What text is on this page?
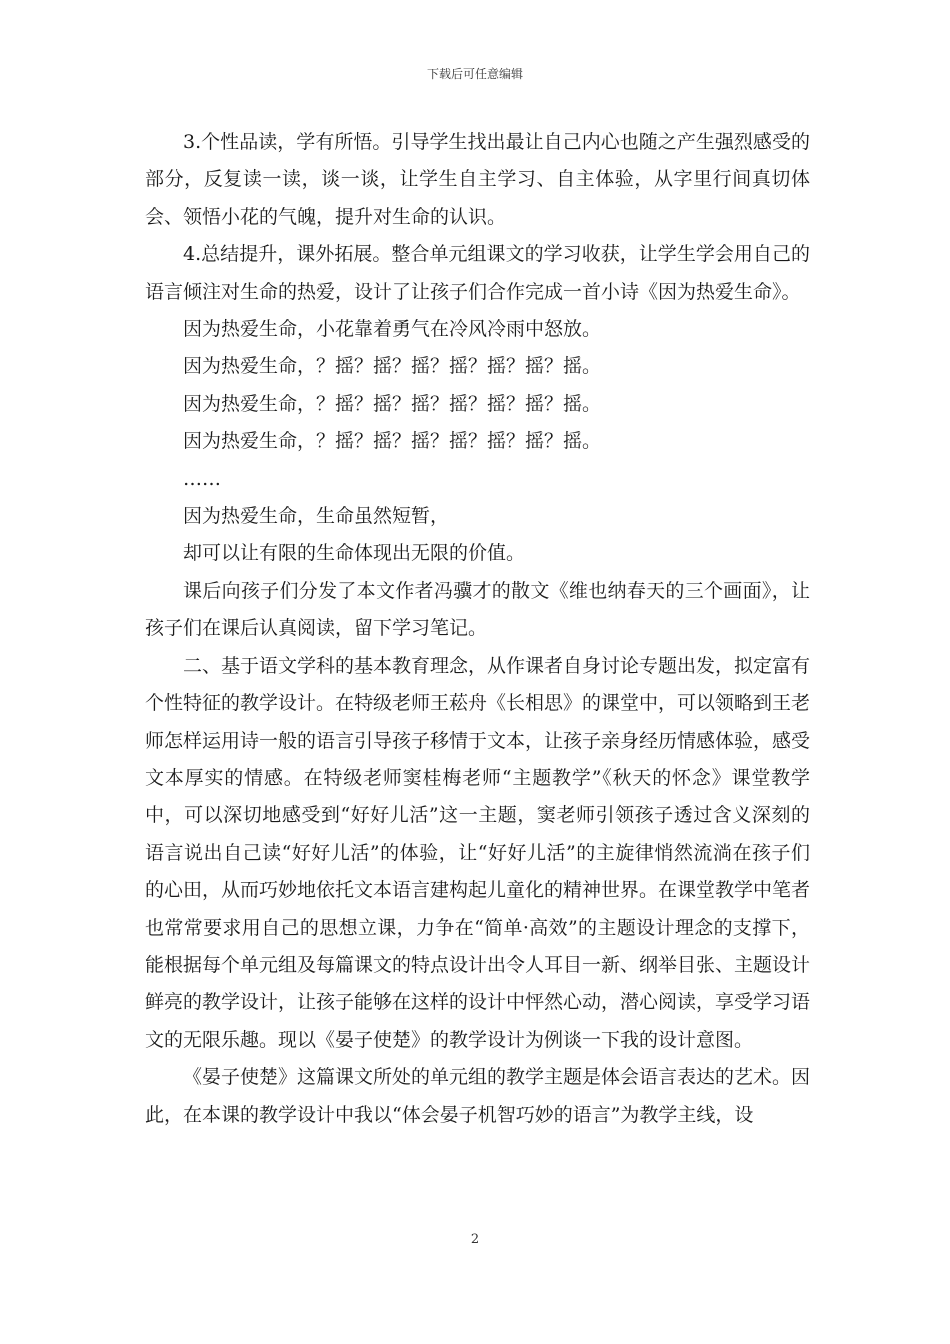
下载后可任意编辑

3.个性品读，学有所悟。引导学生找出最让自己内心也随之产生强烈感受的部分，反复读一读，谈一谈，让学生自主学习、自主体验，从字里行间真切体会、领悟小花的气魄，提升对生命的认识。

4.总结提升，课外拓展。整合单元组课文的学习收获，让学生学会用自己的语言倾注对生命的热爱，设计了让孩子们合作完成一首小诗《因为热爱生命》。

因为热爱生命，小花靠着勇气在冷风冷雨中怒放。

因为热爱生命，？摇？摇？摇？摇？摇？摇？摇。

因为热爱生命，？摇？摇？摇？摇？摇？摇？摇。

因为热爱生命，？摇？摇？摇？摇？摇？摇？摇。

……

因为热爱生命，生命虽然短暂，

却可以让有限的生命体现出无限的价值。

课后向孩子们分发了本文作者冯骥才的散文《维也纳春天的三个画面》，让孩子们在课后认真阅读，留下学习笔记。

二、基于语文学科的基本教育理念，从作课者自身讨论专题出发，拟定富有个性特征的教学设计。在特级老师王菘舟《长相思》的课堂中，可以领略到王老师怎样运用诗一般的语言引导孩子移情于文本，让孩子亲身经历情感体验，感受文本厚实的情感。在特级老师窦桂梅老师“主题教学”《秋天的怀念》课堂教学中，可以深切地感受到“好好儿活”这一主题，窦老师引领孩子透过含义深刻的语言说出自己读“好好儿活”的体验，让“好好儿活”的主旋律悄然流淌在孩子们的心田，从而巧妙地依托文本语言建构起儿童化的精神世界。在课堂教学中笔者也常常要求用自己的思想立课，力争在“简单·高效”的主题设计理念的支撑下，能根据每个单元组及每篇课文的特点设计出令人耳目一新、纲举目张、主题设计鲜亮的教学设计，让孩子能够在这样的设计中怦然心动，潜心阅读，享受学习语文的无限乐趣。现以《晏子使楚》的教学设计为例谈一下我的设计意图。

《晏子使楚》这篇课文所处的单元组的教学主题是体会语言表达的艺术。因此，在本课的教学设计中我以“体会晏子机智巧妙的语言”为教学主线，设

2
